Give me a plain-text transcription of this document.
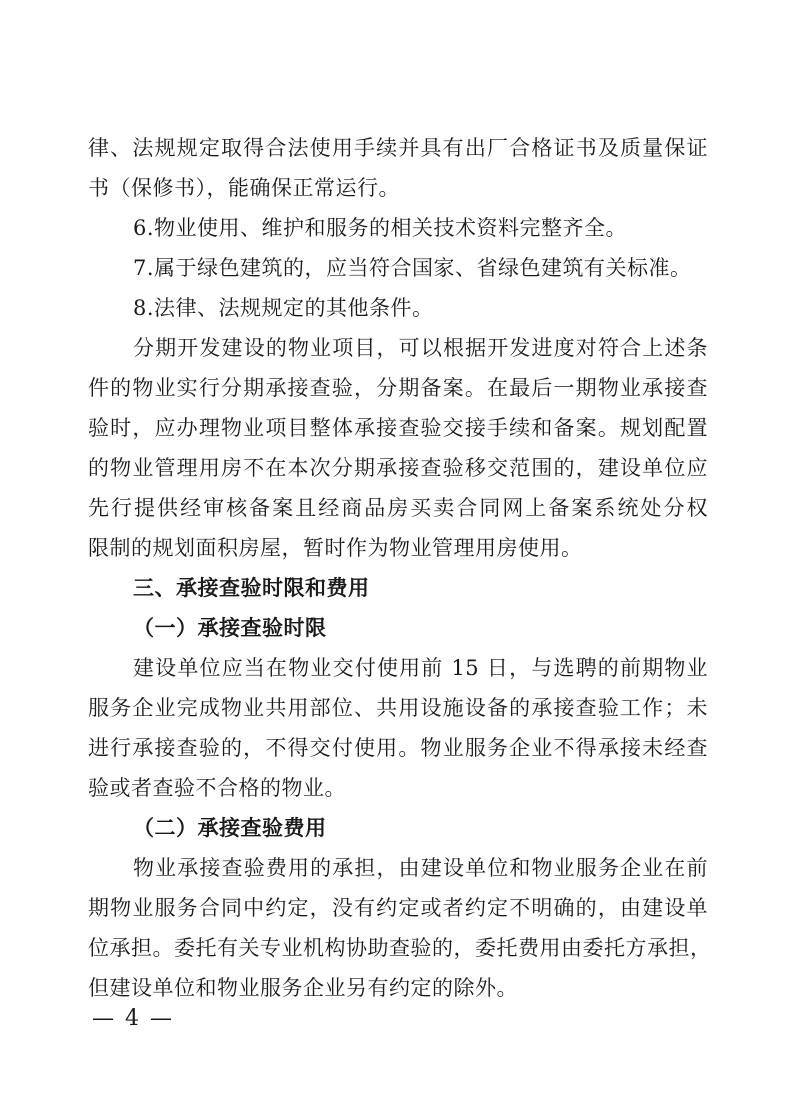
律、法规规定取得合法使用手续并具有出厂合格证书及质量保证
书（保修书），能确保正常运行。
6.物业使用、维护和服务的相关技术资料完整齐全。
7.属于绿色建筑的，应当符合国家、省绿色建筑有关标准。
8.法律、法规规定的其他条件。
分期开发建设的物业项目，可以根据开发进度对符合上述条
件的物业实行分期承接查验，分期备案。在最后一期物业承接查
验时，应办理物业项目整体承接查验交接手续和备案。规划配置
的物业管理用房不在本次分期承接查验移交范围的，建设单位应
先行提供经审核备案且经商品房买卖合同网上备案系统处分权
限制的规划面积房屋，暂时作为物业管理用房使用。
三、承接查验时限和费用
（一）承接查验时限
建设单位应当在物业交付使用前 15 日，与选聘的前期物业
服务企业完成物业共用部位、共用设施设备的承接查验工作；未
进行承接查验的，不得交付使用。物业服务企业不得承接未经查
验或者查验不合格的物业。
（二）承接查验费用
物业承接查验费用的承担，由建设单位和物业服务企业在前
期物业服务合同中约定，没有约定或者约定不明确的，由建设单
位承担。委托有关专业机构协助查验的，委托费用由委托方承担，
但建设单位和物业服务企业另有约定的除外。
— 4 —
